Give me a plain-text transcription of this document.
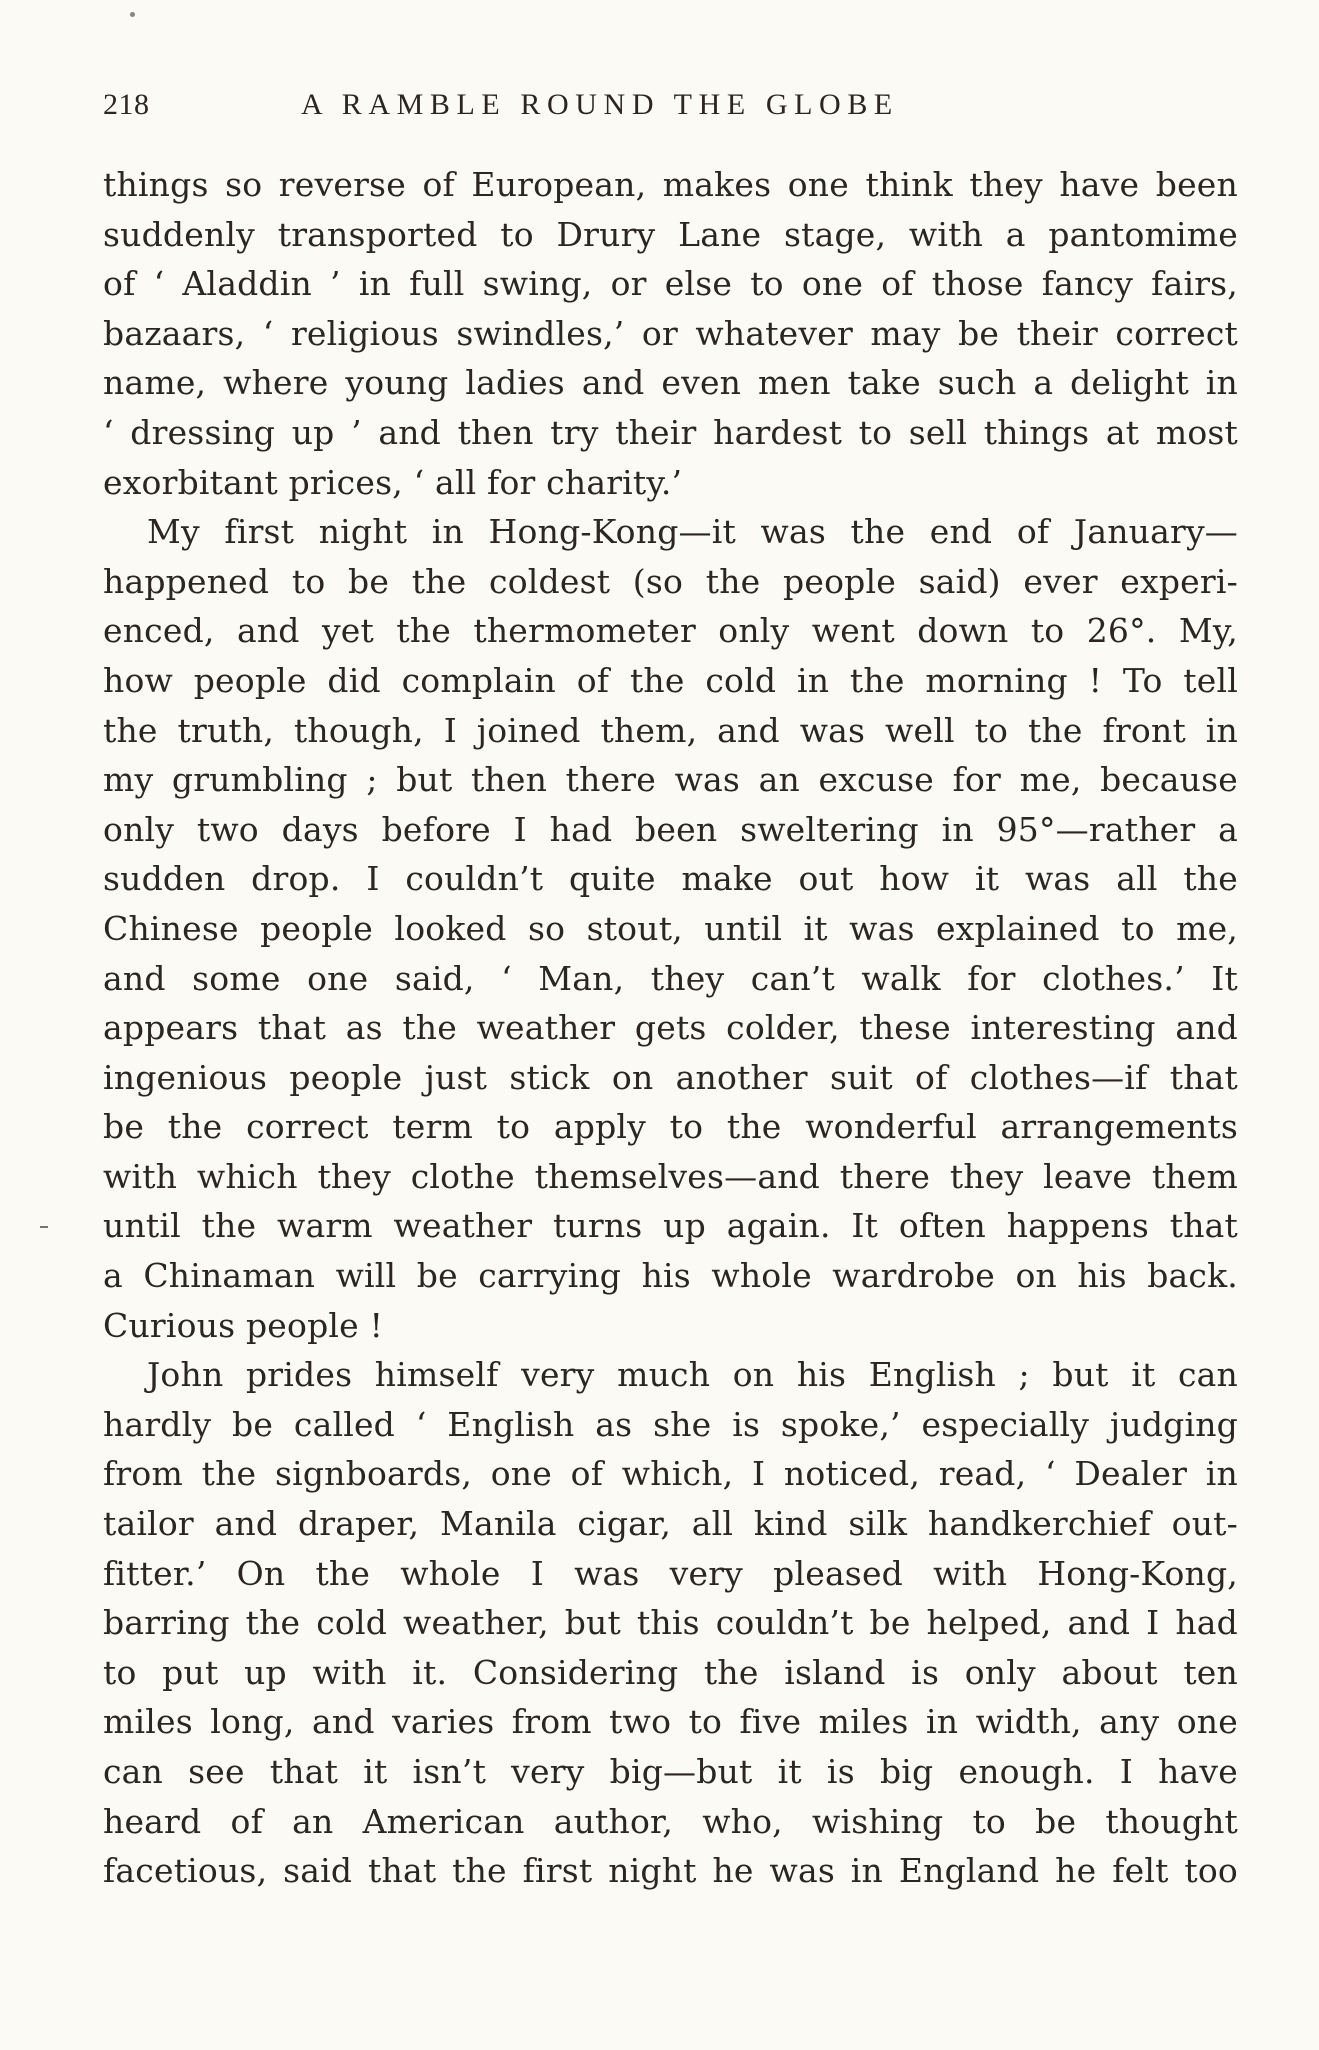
218	A RAMBLE ROUND THE GLOBE
things so reverse of European, makes one think they have been
suddenly transported to Drury Lane stage, with a pantomime
of ‘ Aladdin ’ in full swing, or else to one of those fancy fairs,
bazaars, ‘ religious swindles,’ or whatever may be their correct
name, where young ladies and even men take such a delight in
‘ dressing up ’ and then try their hardest to sell things at most
exorbitant prices, ‘ all for charity.’
My first night in Hong-Kong—it was the end of January—
happened to be the coldest (so the people said) ever experi-
enced, and yet the thermometer only went down to 26°. My,
how people did complain of the cold in the morning ! To tell
the truth, though, I joined them, and was well to the front in
my grumbling ; but then there was an excuse for me, because
only two days before I had been sweltering in 95°—rather a
sudden drop. I couldn’t quite make out how it was all the
Chinese people looked so stout, until it was explained to me,
and some one said, ‘ Man, they can’t walk for clothes.’ It
appears that as the weather gets colder, these interesting and
ingenious people just stick on another suit of clothes—if that
be the correct term to apply to the wonderful arrangements
with which they clothe themselves—and there they leave them
until the warm weather turns up again. It often happens that
a Chinaman will be carrying his whole wardrobe on his back.
Curious people !
John prides himself very much on his English ; but it can
hardly be called ‘ English as she is spoke,’ especially judging
from the signboards, one of which, I noticed, read, ‘ Dealer in
tailor and draper, Manila cigar, all kind silk handkerchief out-
fitter.’ On the whole I was very pleased with Hong-Kong,
barring the cold weather, but this couldn’t be helped, and I had
to put up with it. Considering the island is only about ten
miles long, and varies from two to five miles in width, any one
can see that it isn’t very big—but it is big enough. I have
heard of an American author, who, wishing to be thought
facetious, said that the first night he was in England he felt too
